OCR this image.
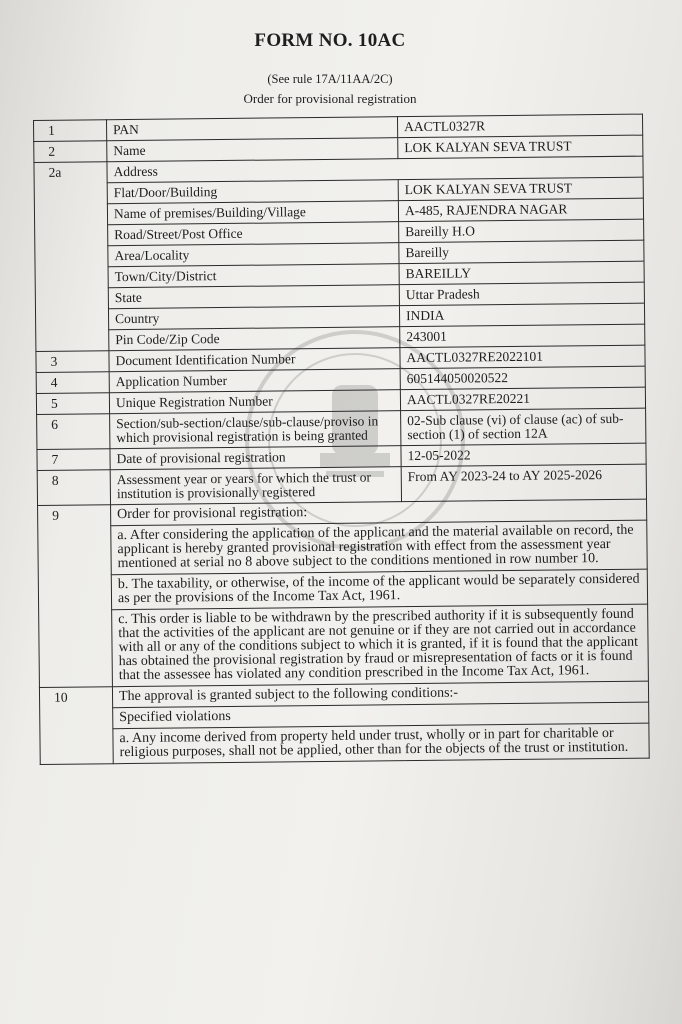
FORM NO. 10AC
(See rule 17A/11AA/2C)
Order for provisional registration
1	PAN	AACTL0327R
2	Name	LOK KALYAN SEVA TRUST
2a	Address	
	Flat/Door/Building	LOK KALYAN SEVA TRUST
	Name of premises/Building/Village	A-485, RAJENDRA NAGAR
	Road/Street/Post Office	Bareilly H.O
	Area/Locality	Bareilly
	Town/City/District	BAREILLY
	State	Uttar Pradesh
	Country	INDIA
	Pin Code/Zip Code	243001
3	Document Identification Number	AACTL0327RE2022101
4	Application Number	605144050020522
5	Unique Registration Number	AACTL0327RE20221
6	Section/sub-section/clause/sub-clause/proviso in which provisional registration is being granted	02-Sub clause (vi) of clause (ac) of sub-section (1) of section 12A
7	Date of provisional registration	12-05-2022
8	Assessment year or years for which the trust or institution is provisionally registered	From AY 2023-24 to AY 2025-2026
9	Order for provisional registration:	
	a. After considering the application of the applicant and the material available on record, the applicant is hereby granted provisional registration with effect from the assessment year mentioned at serial no 8 above subject to the conditions mentioned in row number 10.	
	b. The taxability, or otherwise, of the income of the applicant would be separately considered as per the provisions of the Income Tax Act, 1961.	
	c. This order is liable to be withdrawn by the prescribed authority if it is subsequently found that the activities of the applicant are not genuine or if they are not carried out in accordance with all or any of the conditions subject to which it is granted, if it is found that the applicant has obtained the provisional registration by fraud or misrepresentation of facts or it is found that the assessee has violated any condition prescribed in the Income Tax Act, 1961.	
10	The approval is granted subject to the following conditions:-	
	Specified violations	
	a. Any income derived from property held under trust, wholly or in part for charitable or religious purposes, shall not be applied, other than for the objects of the trust or institution.	
